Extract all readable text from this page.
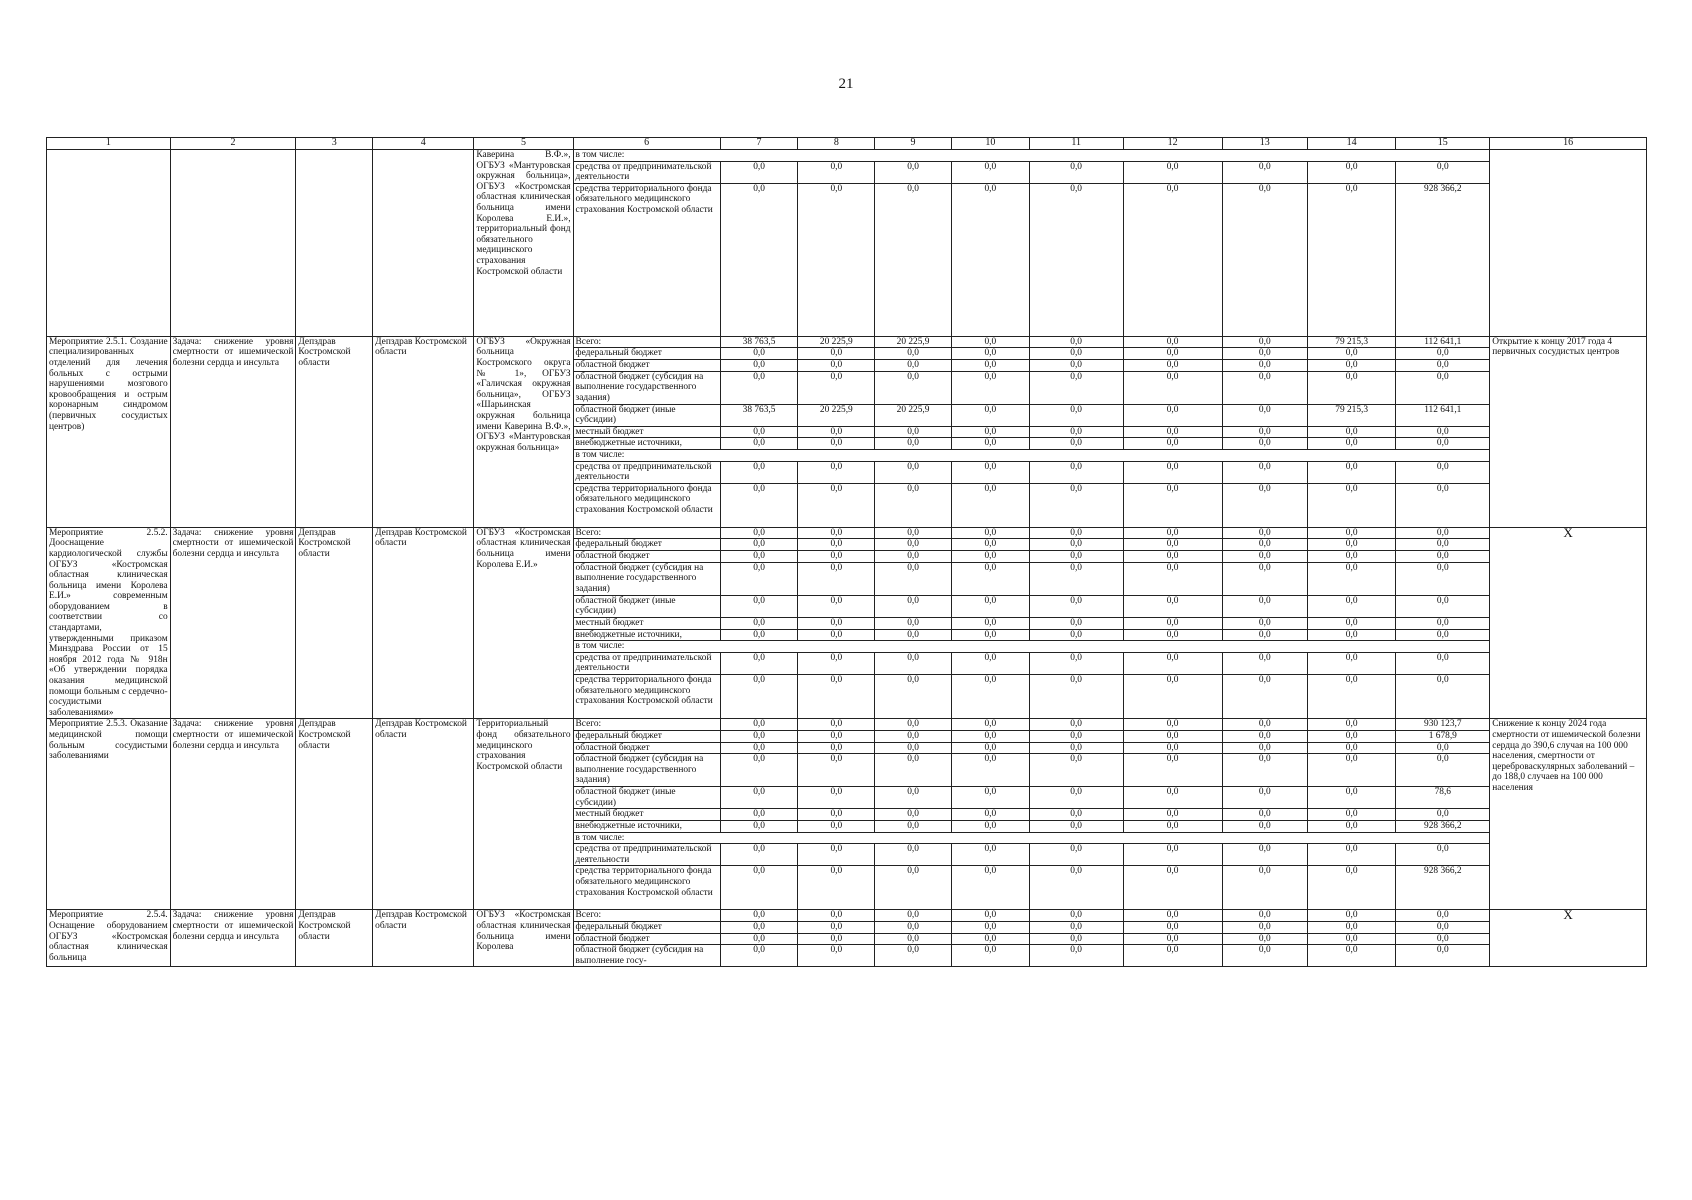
21
1	2	3	4	5	6	7	8	9	10	11	12	13	14	15	16
				Каверина В.Ф.», ОГБУЗ «Мантуровская окружная больница», ОГБУЗ «Костромская областная клиническая больница имени Королева Е.И.», территориальный фонд обязательного медицинского страхования Костромской области	в том числе:										
					средства от предпринимательской деятельности	0,0	0,0	0,0	0,0	0,0	0,0	0,0	0,0	0,0	
					средства территориального фонда обязательного медицинского страхования Костромской области	0,0	0,0	0,0	0,0	0,0	0,0	0,0	0,0	928 366,2	
Мероприятие 2.5.1. Создание специализированных отделений для лечения больных с острыми нарушениями мозгового кровообращения и острым коронарным синдромом (первичных сосудистых центров)	Задача: снижение уровня смертности от ишемической болезни сердца и инсульта	Депздрав Костромской области	Депздрав Костромской области	ОГБУЗ «Окружная больница Костромского округа № 1», ОГБУЗ «Галичская окружная больница», ОГБУЗ «Шарьинская окружная больница имени Каверина В.Ф.», ОГБУЗ «Мантуровская окружная больница»	Всего:	38 763,5	20 225,9	20 225,9	0,0	0,0	0,0	0,0	79 215,3	112 641,1	Открытие к концу 2017 года 4 первичных сосудистых центров
					федеральный бюджет	0,0	0,0	0,0	0,0	0,0	0,0	0,0	0,0	0,0	
					областной бюджет	0,0	0,0	0,0	0,0	0,0	0,0	0,0	0,0	0,0	
					областной бюджет (субсидия на выполнение государственного задания)	0,0	0,0	0,0	0,0	0,0	0,0	0,0	0,0	0,0	
					областной бюджет (иные субсидии)	38 763,5	20 225,9	20 225,9	0,0	0,0	0,0	0,0	79 215,3	112 641,1	
					местный бюджет	0,0	0,0	0,0	0,0	0,0	0,0	0,0	0,0	0,0	
					внебюджетные источники,	0,0	0,0	0,0	0,0	0,0	0,0	0,0	0,0	0,0	
					в том числе:										
					средства от предпринимательской деятельности	0,0	0,0	0,0	0,0	0,0	0,0	0,0	0,0	0,0	
					средства территориального фонда обязательного медицинского страхования Костромской области	0,0	0,0	0,0	0,0	0,0	0,0	0,0	0,0	0,0	
Мероприятие 2.5.2. Дооснащение кардиологической службы ОГБУЗ «Костромская областная клиническая больница имени Королева Е.И.» современным оборудованием в соответствии со стандартами, утвержденными приказом Минздрава России от 15 ноября 2012 года № 918н «Об утверждении порядка оказания медицинской помощи больным с сердечно-сосудистыми заболеваниями»	Задача: снижение уровня смертности от ишемической болезни сердца и инсульта	Депздрав Костромской области	Депздрав Костромской области	ОГБУЗ «Костромская областная клиническая больница имени Королева Е.И.»	Всего:	0,0	0,0	0,0	0,0	0,0	0,0	0,0	0,0	0,0	X
					федеральный бюджет	0,0	0,0	0,0	0,0	0,0	0,0	0,0	0,0	0,0	
					областной бюджет	0,0	0,0	0,0	0,0	0,0	0,0	0,0	0,0	0,0	
					областной бюджет (субсидия на выполнение государственного задания)	0,0	0,0	0,0	0,0	0,0	0,0	0,0	0,0	0,0	
					областной бюджет (иные субсидии)	0,0	0,0	0,0	0,0	0,0	0,0	0,0	0,0	0,0	
					местный бюджет	0,0	0,0	0,0	0,0	0,0	0,0	0,0	0,0	0,0	
					внебюджетные источники,	0,0	0,0	0,0	0,0	0,0	0,0	0,0	0,0	0,0	
					в том числе:										
					средства от предпринимательской деятельности	0,0	0,0	0,0	0,0	0,0	0,0	0,0	0,0	0,0	
					средства территориального фонда обязательного медицинского страхования Костромской области	0,0	0,0	0,0	0,0	0,0	0,0	0,0	0,0	0,0	
Мероприятие 2.5.3. Оказание медицинской помощи больным сосудистыми заболеваниями	Задача: снижение уровня смертности от ишемической болезни сердца и инсульта	Депздрав Костромской области	Депздрав Костромской области	Территориальный фонд обязательного медицинского страхования Костромской области	Всего:	0,0	0,0	0,0	0,0	0,0	0,0	0,0	0,0	930 123,7	Снижение к концу 2024 года смертности от ишемической болезни сердца до 390,6 случая на 100 000 населения, смертности от цереброваскулярных заболеваний – до 188,0 случаев на 100 000 населения
					федеральный бюджет	0,0	0,0	0,0	0,0	0,0	0,0	0,0	0,0	1 678,9	
					областной бюджет	0,0	0,0	0,0	0,0	0,0	0,0	0,0	0,0	0,0	
					областной бюджет (субсидия на выполнение государственного задания)	0,0	0,0	0,0	0,0	0,0	0,0	0,0	0,0	0,0	
					областной бюджет (иные субсидии)	0,0	0,0	0,0	0,0	0,0	0,0	0,0	0,0	78,6	
					местный бюджет	0,0	0,0	0,0	0,0	0,0	0,0	0,0	0,0	0,0	
					внебюджетные источники,	0,0	0,0	0,0	0,0	0,0	0,0	0,0	0,0	928 366,2	
					в том числе:										
					средства от предпринимательской деятельности	0,0	0,0	0,0	0,0	0,0	0,0	0,0	0,0	0,0	
					средства территориального фонда обязательного медицинского страхования Костромской области	0,0	0,0	0,0	0,0	0,0	0,0	0,0	0,0	928 366,2	
Мероприятие 2.5.4. Оснащение оборудованием ОГБУЗ «Костромская областная клиническая больница	Задача: снижение уровня смертности от ишемической болезни сердца и инсульта	Депздрав Костромской области	Депздрав Костромской области	ОГБУЗ «Костромская областная клиническая больница имени Королева	Всего:	0,0	0,0	0,0	0,0	0,0	0,0	0,0	0,0	0,0	X
					федеральный бюджет	0,0	0,0	0,0	0,0	0,0	0,0	0,0	0,0	0,0	
					областной бюджет	0,0	0,0	0,0	0,0	0,0	0,0	0,0	0,0	0,0	
					областной бюджет (субсидия на выполнение госу-	0,0	0,0	0,0	0,0	0,0	0,0	0,0	0,0	0,0	
